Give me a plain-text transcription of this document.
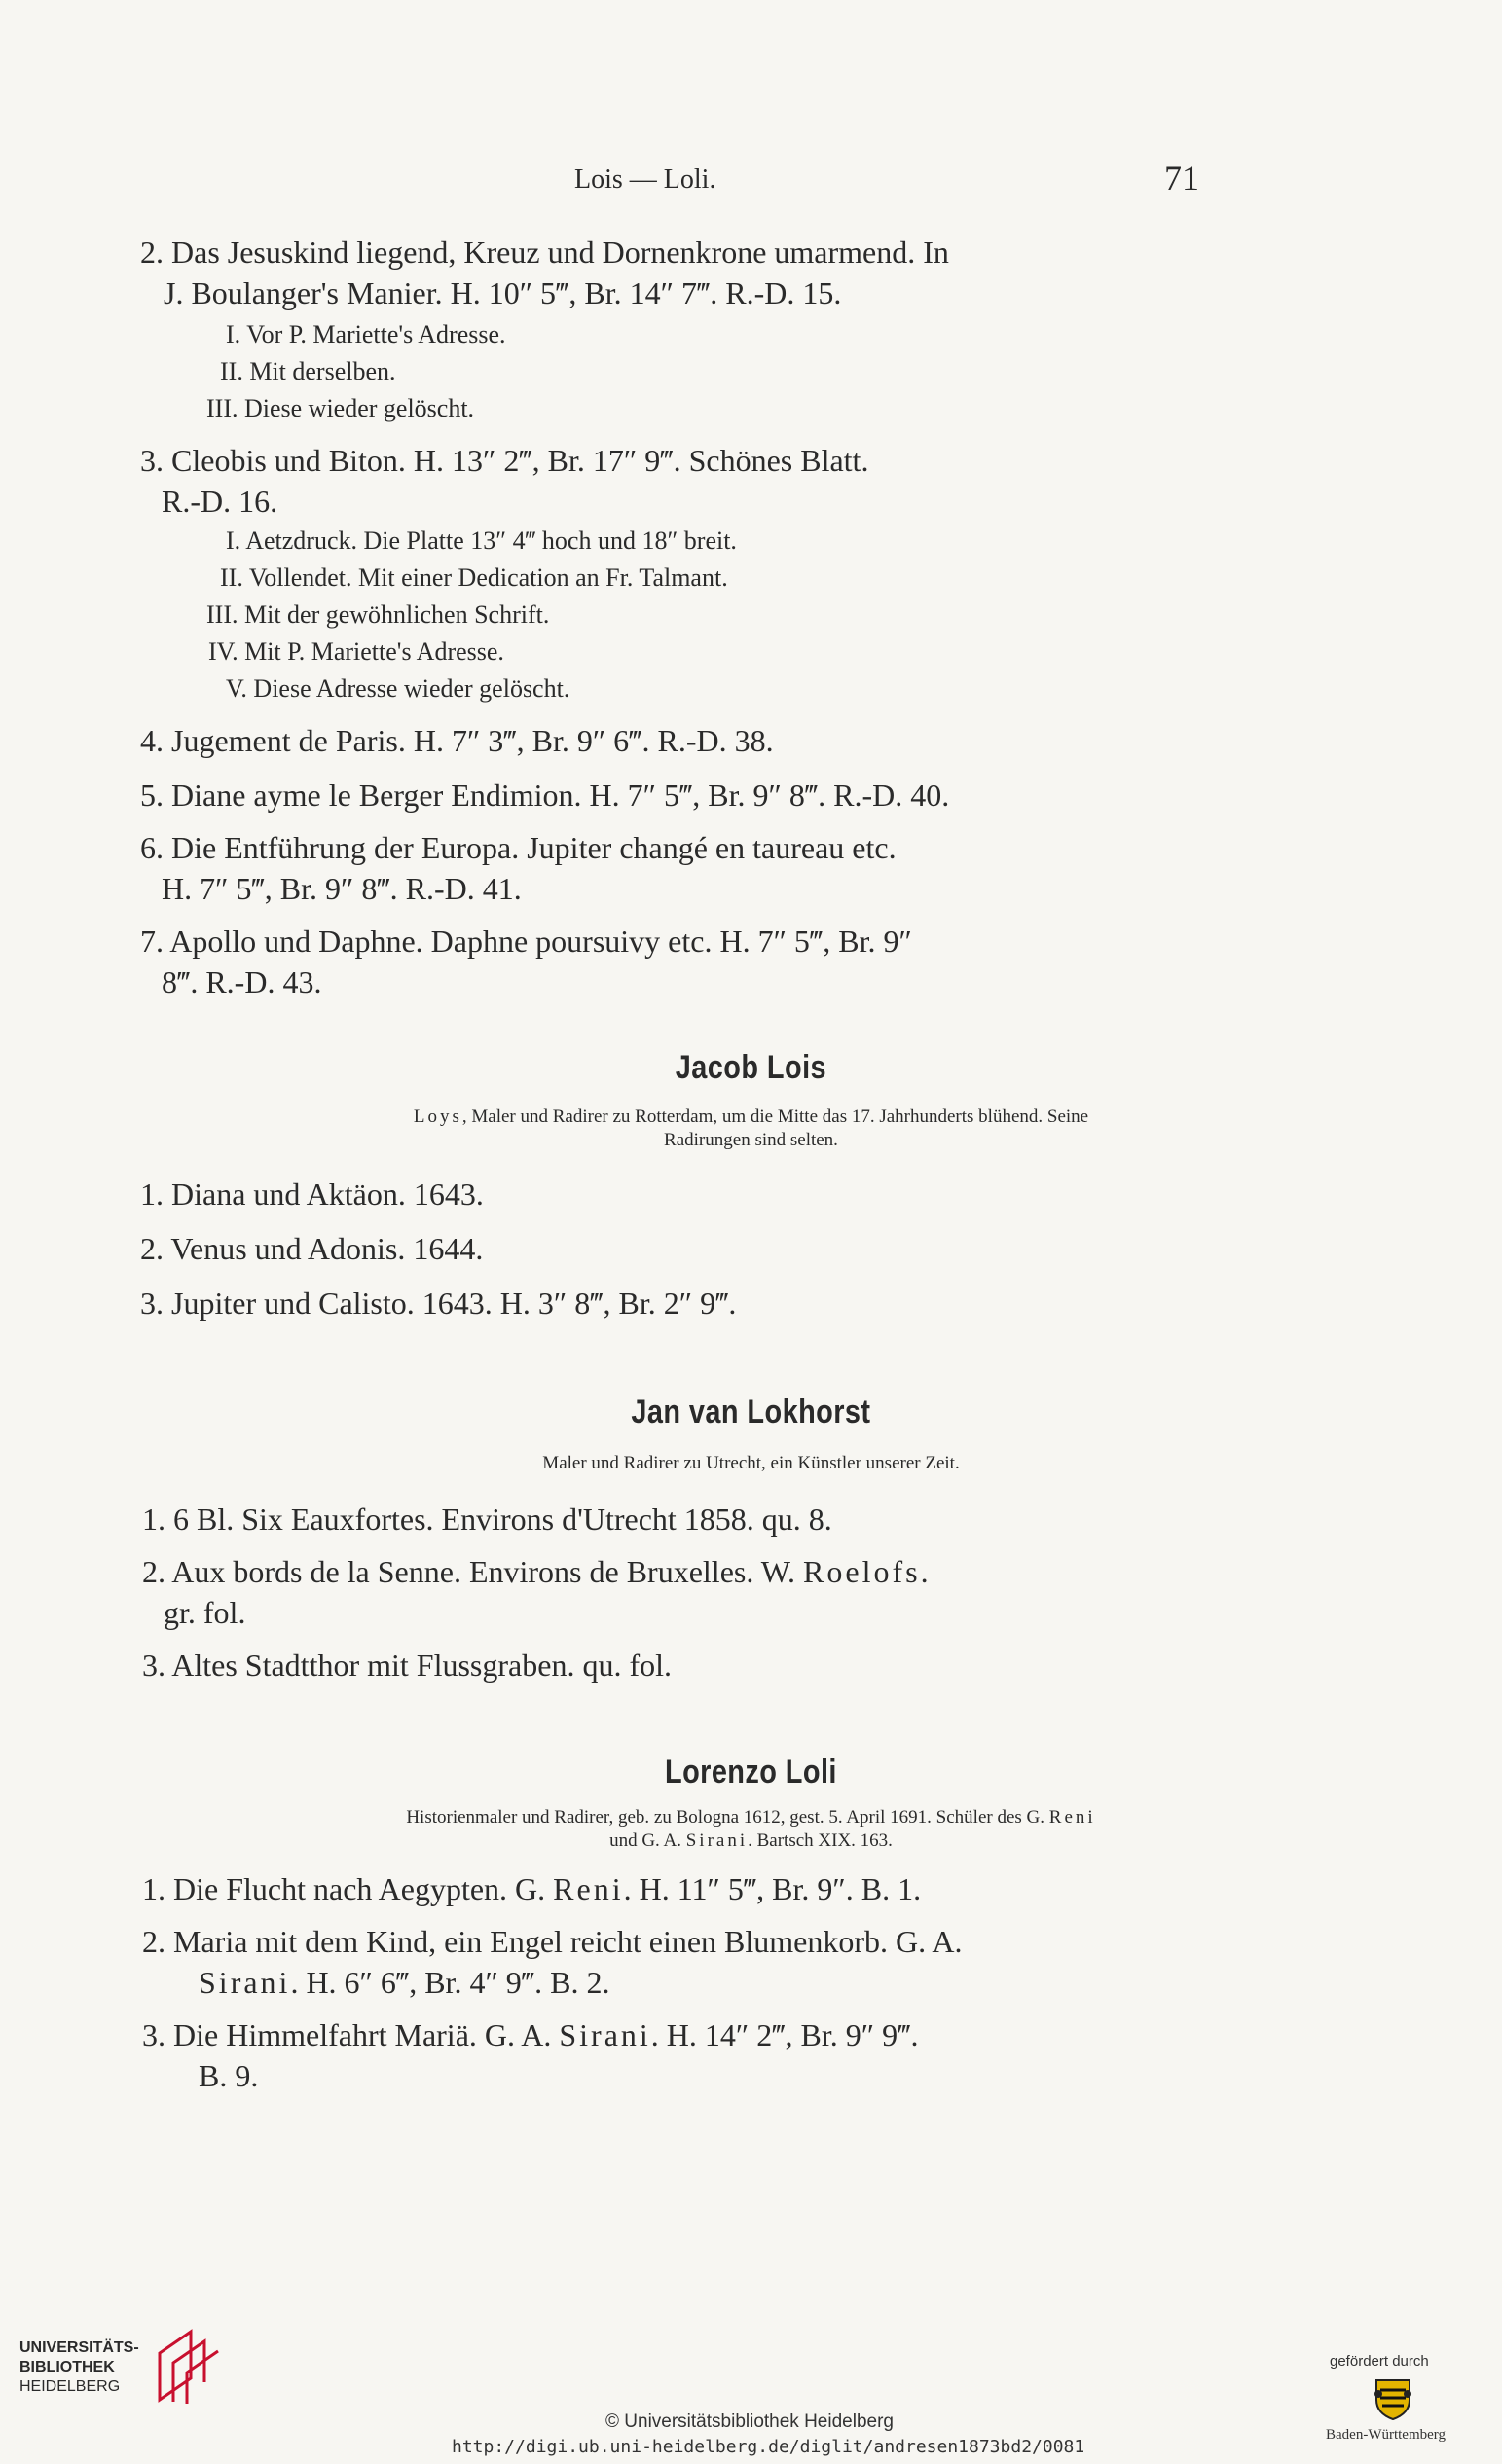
Lois — Loli.	71
2. Das Jesuskind liegend, Kreuz und Dornenkrone umarmend. In
J. Boulanger's Manier. H. 10″ 5‴, Br. 14″ 7‴. R.-D. 15.
I. Vor P. Mariette's Adresse.
II. Mit derselben.
III. Diese wieder gelöscht.
3. Cleobis und Biton. H. 13″ 2‴, Br. 17″ 9‴. Schönes Blatt.
R.-D. 16.
I. Aetzdruck. Die Platte 13″ 4‴ hoch und 18″ breit.
II. Vollendet. Mit einer Dedication an Fr. Talmant.
III. Mit der gewöhnlichen Schrift.
IV. Mit P. Mariette's Adresse.
V. Diese Adresse wieder gelöscht.
4. Jugement de Paris. H. 7″ 3‴, Br. 9″ 6‴. R.-D. 38.
5. Diane ayme le Berger Endimion. H. 7″ 5‴, Br. 9″ 8‴. R.-D. 40.
6. Die Entführung der Europa. Jupiter changé en taureau etc.
H. 7″ 5‴, Br. 9″ 8‴. R.-D. 41.
7. Apollo und Daphne. Daphne poursuivy etc. H. 7″ 5‴, Br. 9″
8‴. R.-D. 43.
Jacob Lois
Loys, Maler und Radirer zu Rotterdam, um die Mitte das 17. Jahrhunderts blühend. Seine
Radirungen sind selten.
1. Diana und Aktäon. 1643.
2. Venus und Adonis. 1644.
3. Jupiter und Calisto. 1643. H. 3″ 8‴, Br. 2″ 9‴.
Jan van Lokhorst
Maler und Radirer zu Utrecht, ein Künstler unserer Zeit.
1. 6 Bl. Six Eauxfortes. Environs d'Utrecht 1858. qu. 8.
2. Aux bords de la Senne. Environs de Bruxelles. W. Roelofs.
gr. fol.
3. Altes Stadtthor mit Flussgraben. qu. fol.
Lorenzo Loli
Historienmaler und Radirer, geb. zu Bologna 1612, gest. 5. April 1691. Schüler des G. Reni
und G. A. Sirani. Bartsch XIX. 163.
1. Die Flucht nach Aegypten. G. Reni. H. 11″ 5‴, Br. 9″. B. 1.
2. Maria mit dem Kind, ein Engel reicht einen Blumenkorb. G. A.
Sirani. H. 6″ 6‴, Br. 4″ 9‴. B. 2.
3. Die Himmelfahrt Mariä. G. A. Sirani. H. 14″ 2‴, Br. 9″ 9‴.
B. 9.
UNIVERSITÄTS-
BIBLIOTHEK
HEIDELBERG
© Universitätsbibliothek Heidelberg
http://digi.ub.uni-heidelberg.de/diglit/andresen1873bd2/0081
gefördert durch
Baden-Württemberg
